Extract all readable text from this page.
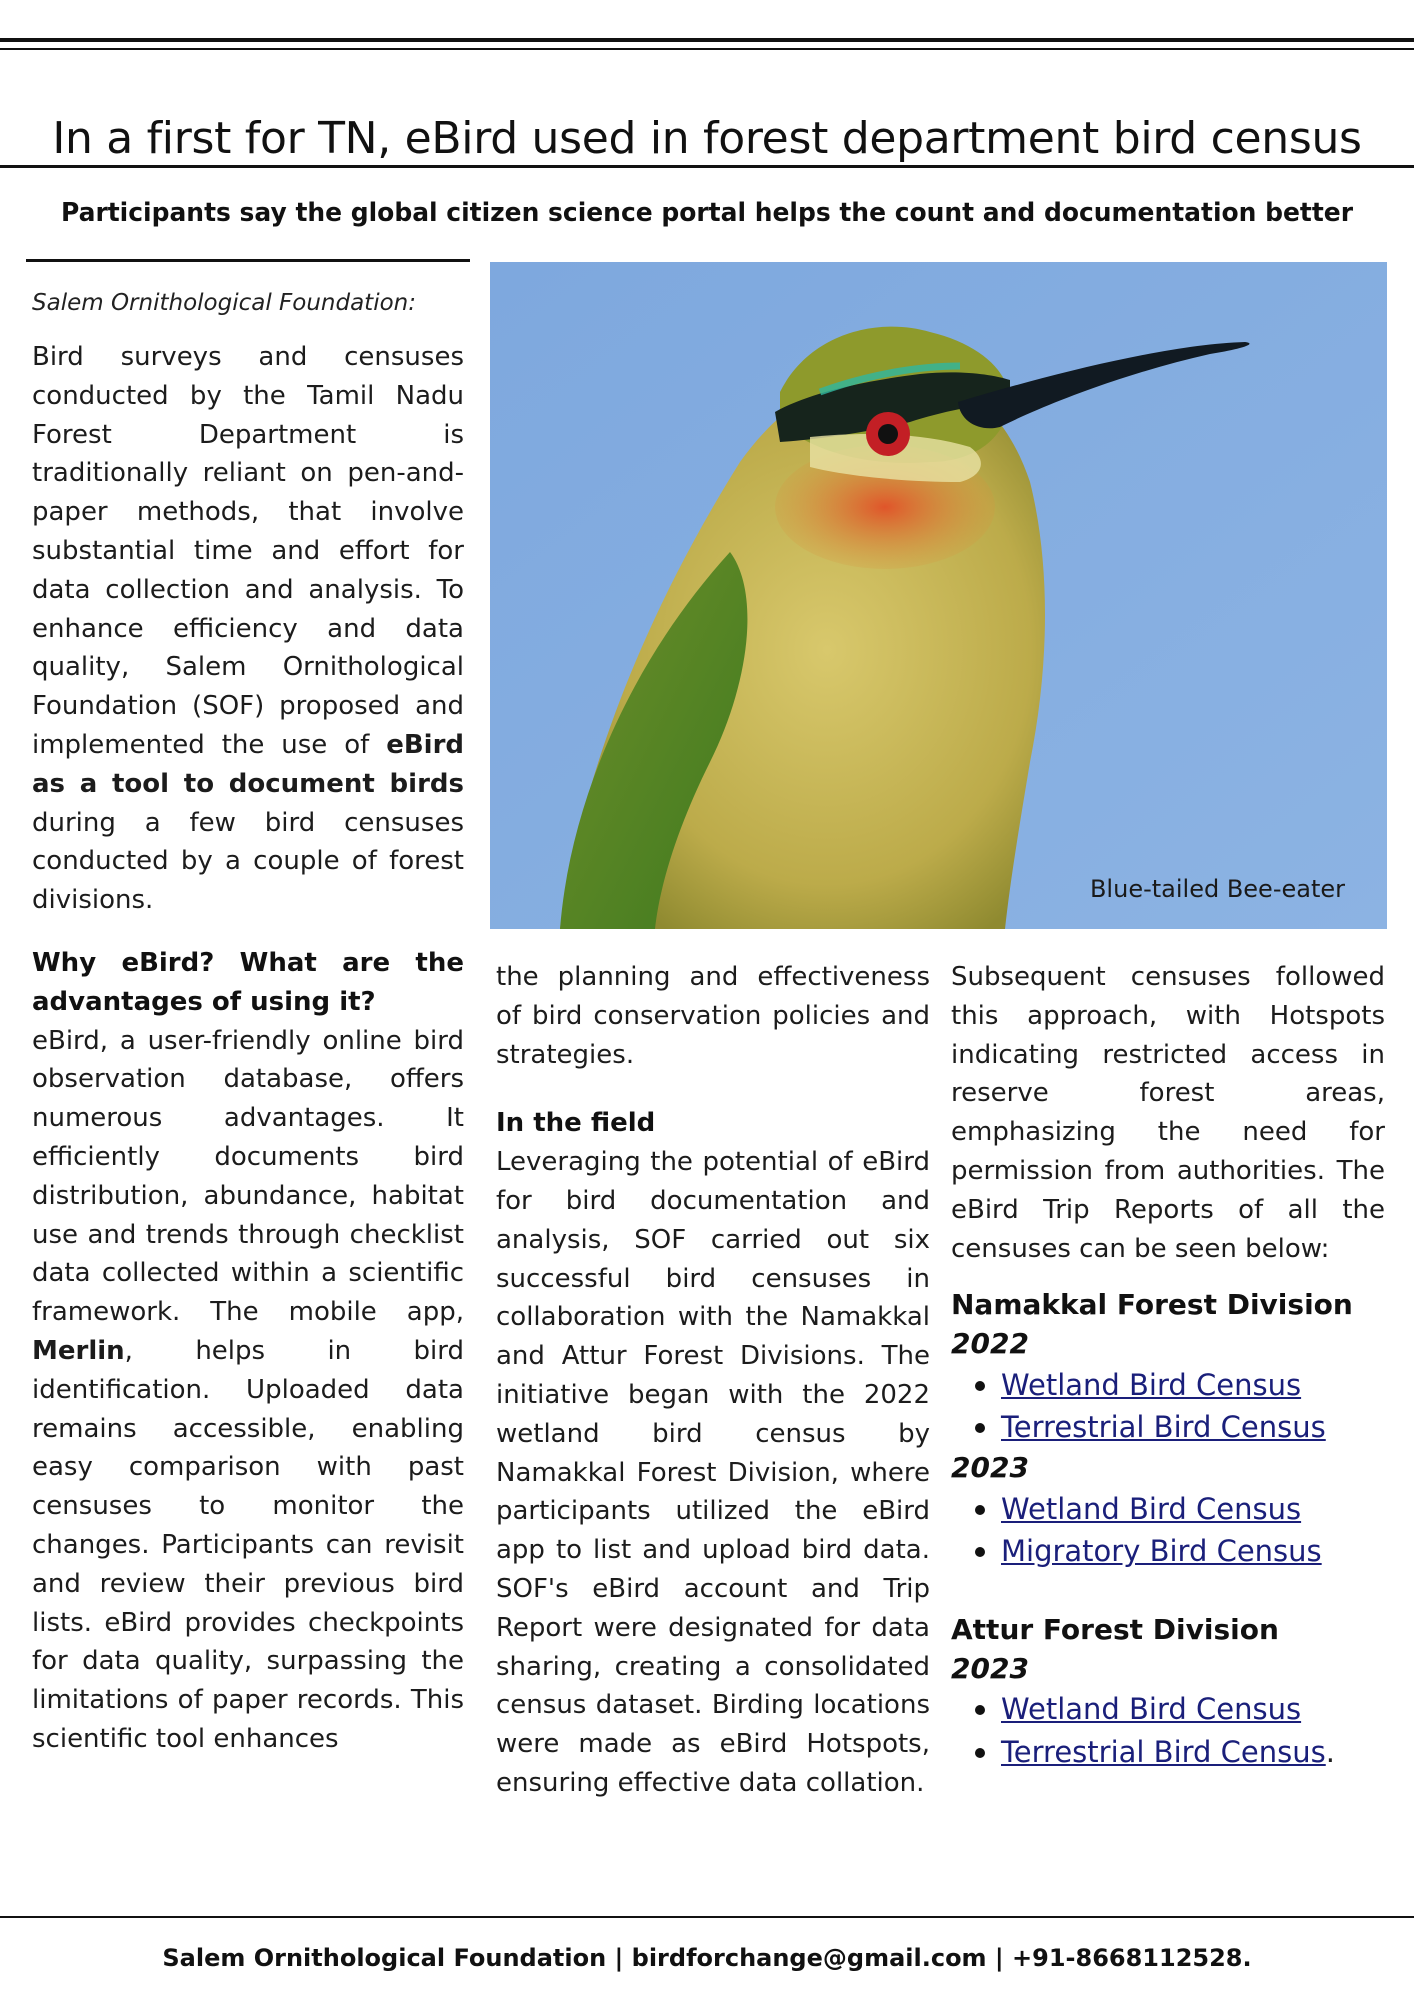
In a first for TN, eBird used in forest department bird census
Participants say the global citizen science portal helps the count and documentation better
Salem Ornithological Foundation:

Bird surveys and censuses conducted by the Tamil Nadu Forest Department is traditionally reliant on pen-and-paper methods, that involve substantial time and effort for data collection and analysis. To enhance efficiency and data quality, Salem Ornithological Foundation (SOF) proposed and implemented the use of eBird as a tool to document birds during a few bird censuses conducted by a couple of forest divisions.

Why eBird? What are the advantages of using it?

eBird, a user-friendly online bird observation database, offers numerous advantages. It efficiently documents bird distribution, abundance, habitat use and trends through checklist data collected within a scientific framework. The mobile app, Merlin, helps in bird identification. Uploaded data remains accessible, enabling easy comparison with past censuses to monitor the changes. Participants can revisit and review their previous bird lists. eBird provides checkpoints for data quality, surpassing the limitations of paper records. This scientific tool enhances

Blue-tailed Bee-eater

the planning and effectiveness of bird conservation policies and strategies.

In the field

Leveraging the potential of eBird for bird documentation and analysis, SOF carried out six successful bird censuses in collaboration with the Namakkal and Attur Forest Divisions. The initiative began with the 2022 wetland bird census by Namakkal Forest Division, where participants utilized the eBird app to list and upload bird data. SOF's eBird account and Trip Report were designated for data sharing, creating a consolidated census dataset. Birding locations were made as eBird Hotspots, ensuring effective data collation.

Subsequent censuses followed this approach, with Hotspots indicating restricted access in reserve forest areas, emphasizing the need for permission from authorities. The eBird Trip Reports of all the censuses can be seen below:

Namakkal Forest Division
2022
Wetland Bird Census
Terrestrial Bird Census
2023
Wetland Bird Census
Migratory Bird Census
Attur Forest Division
2023
Wetland Bird Census
Terrestrial Bird Census.
Salem Ornithological Foundation | birdforchange@gmail.com | +91-8668112528.
